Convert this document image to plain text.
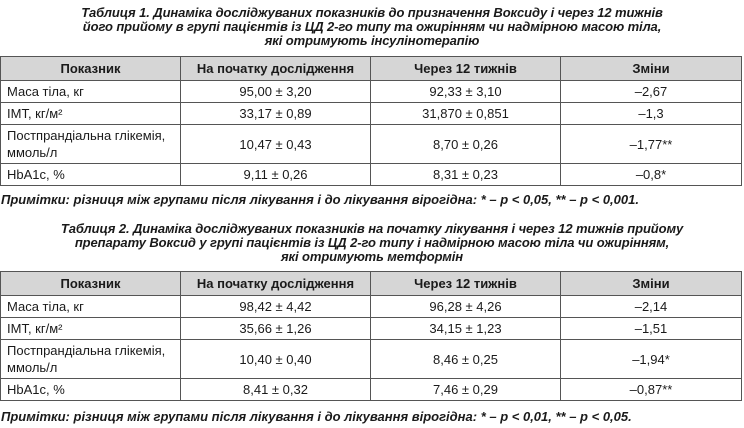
Таблиця 1. Динаміка досліджуваних показників до призначення Воксиду і через 12 тижнів
його прийому в групі пацієнтів із ЦД 2-го типу та ожирінням чи надмірною масою тіла,
які отримують інсулінотерапію
Показник	На початку дослідження	Через 12 тижнів	Зміни
Маса тіла, кг	95,00 ± 3,20	92,33 ± 3,10	–2,67
ІМТ, кг/м²	33,17 ± 0,89	31,870 ± 0,851	–1,3
Постпрандіальна глікемія, ммоль/л	10,47 ± 0,43	8,70 ± 0,26	–1,77**
HbA1c, %	9,11 ± 0,26	8,31 ± 0,23	–0,8*
Примітки: різниця між групами після лікування і до лікування вірогідна: * – р < 0,05, ** – р < 0,001.
Таблиця 2. Динаміка досліджуваних показників на початку лікування і через 12 тижнів прийому
препарату Воксид у групі пацієнтів із ЦД 2-го типу і надмірною масою тіла чи ожирінням,
які отримують метформін
Показник	На початку дослідження	Через 12 тижнів	Зміни
Маса тіла, кг	98,42 ± 4,42	96,28 ± 4,26	–2,14
ІМТ, кг/м²	35,66 ± 1,26	34,15 ± 1,23	–1,51
Постпрандіальна глікемія, ммоль/л	10,40 ± 0,40	8,46 ± 0,25	–1,94*
HbA1c, %	8,41 ± 0,32	7,46 ± 0,29	–0,87**
Примітки: різниця між групами після лікування і до лікування вірогідна: * – р < 0,01, ** – р < 0,05.
